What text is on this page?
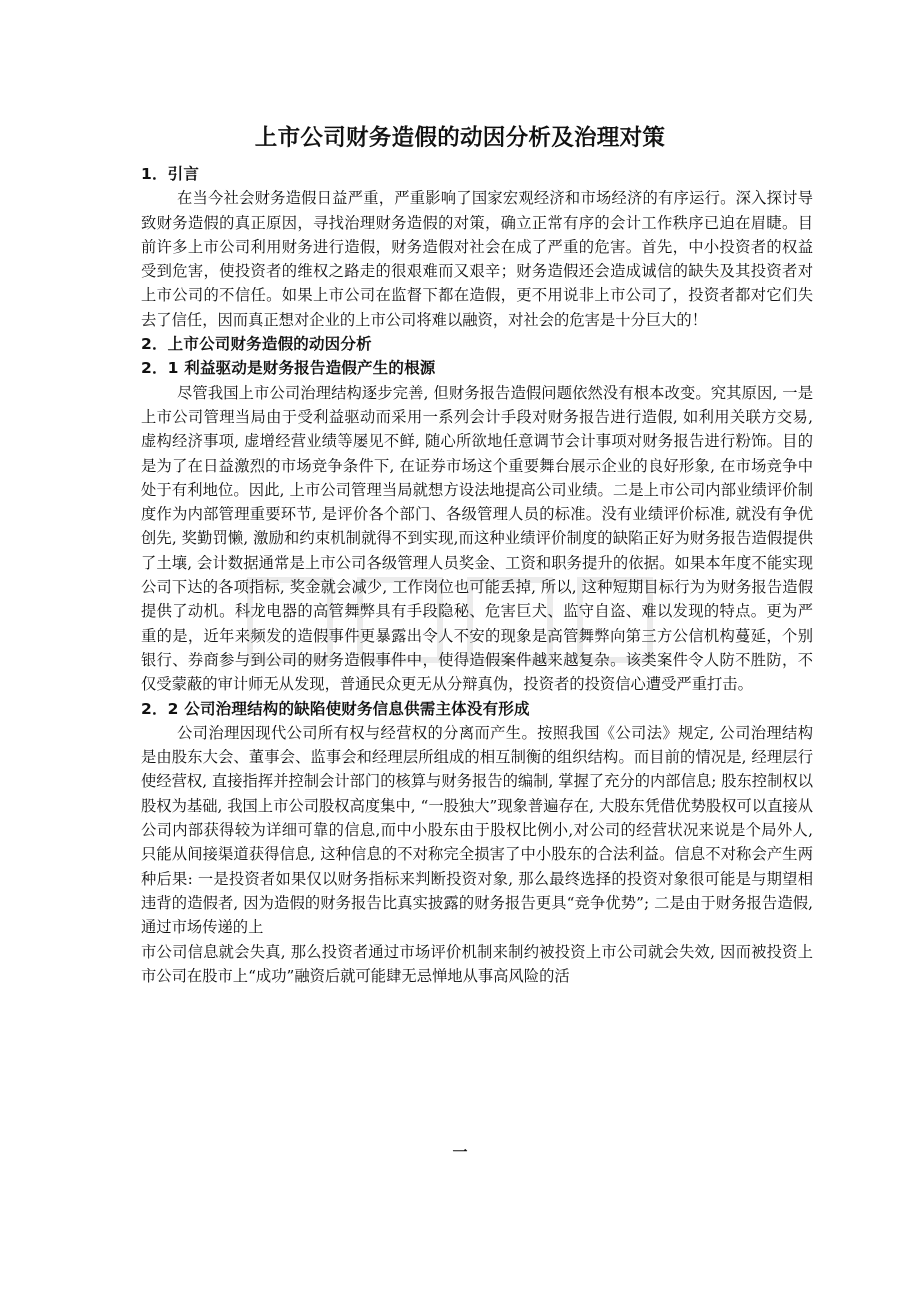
上市公司财务造假的动因分析及治理对策
1．引言

在当今社会财务造假日益严重，严重影响了国家宏观经济和市场经济的有序运行。深入探讨导致财务造假的真正原因，寻找治理财务造假的对策，确立正常有序的会计工作秩序已迫在眉睫。目前许多上市公司利用财务进行造假，财务造假对社会在成了严重的危害。首先，中小投资者的权益受到危害，使投资者的维权之路走的很艰难而又艰辛；财务造假还会造成诚信的缺失及其投资者对上市公司的不信任。如果上市公司在监督下都在造假，更不用说非上市公司了，投资者都对它们失去了信任，因而真正想对企业的上市公司将难以融资，对社会的危害是十分巨大的！

2．上市公司财务造假的动因分析
2．1 利益驱动是财务报告造假产生的根源

尽管我国上市公司治理结构逐步完善, 但财务报告造假问题依然没有根本改变。究其原因, 一是上市公司管理当局由于受利益驱动而采用一系列会计手段对财务报告进行造假, 如利用关联方交易,虚构经济事项, 虚增经营业绩等屡见不鲜, 随心所欲地任意调节会计事项对财务报告进行粉饰。目的是为了在日益激烈的市场竞争条件下, 在证券市场这个重要舞台展示企业的良好形象, 在市场竞争中处于有利地位。因此, 上市公司管理当局就想方设法地提高公司业绩。二是上市公司内部业绩评价制度作为内部管理重要环节, 是评价各个部门、各级管理人员的标准。没有业绩评价标准, 就没有争优创先, 奖勤罚懒, 激励和约束机制就得不到实现,而这种业绩评价制度的缺陷正好为财务报告造假提供了土壤, 会计数据通常是上市公司各级管理人员奖金、工资和职务提升的依据。如果本年度不能实现公司下达的各项指标, 奖金就会减少, 工作岗位也可能丢掉, 所以, 这种短期目标行为为财务报告造假提供了动机。科龙电器的高管舞弊具有手段隐秘、危害巨犬、监守自盗、难以发现的特点。更为严重的是，近年来频发的造假事件更暴露出令人不安的现象是高管舞弊向第三方公信机构蔓延，个别银行、券商参与到公司的财务造假事件中，使得造假案件越来越复杂。该类案件令人防不胜防，不仅受蒙蔽的审计师无从发现，普通民众更无从分辩真伪，投资者的投资信心遭受严重打击。

2．2 公司治理结构的缺陷使财务信息供需主体没有形成

公司治理因现代公司所有权与经营权的分离而产生。按照我国《公司法》规定, 公司治理结构是由股东大会、董事会、监事会和经理层所组成的相互制衡的组织结构。而目前的情况是, 经理层行使经营权, 直接指挥并控制会计部门的核算与财务报告的编制, 掌握了充分的内部信息; 股东控制权以股权为基础, 我国上市公司股权高度集中, “一股独大”现象普遍存在, 大股东凭借优势股权可以直接从公司内部获得较为详细可靠的信息,而中小股东由于股权比例小,对公司的经营状况来说是个局外人, 只能从间接渠道获得信息, 这种信息的不对称完全损害了中小股东的合法利益。信息不对称会产生两种后果: 一是投资者如果仅以财务指标来判断投资对象, 那么最终选择的投资对象很可能是与期望相违背的造假者, 因为造假的财务报告比真实披露的财务报告更具“竞争优势”; 二是由于财务报告造假, 通过市场传递的上

市公司信息就会失真, 那么投资者通过市场评价机制来制约被投资上市公司就会失效, 因而被投资上市公司在股市上“成功”融资后就可能肆无忌惮地从事高风险的活

一
